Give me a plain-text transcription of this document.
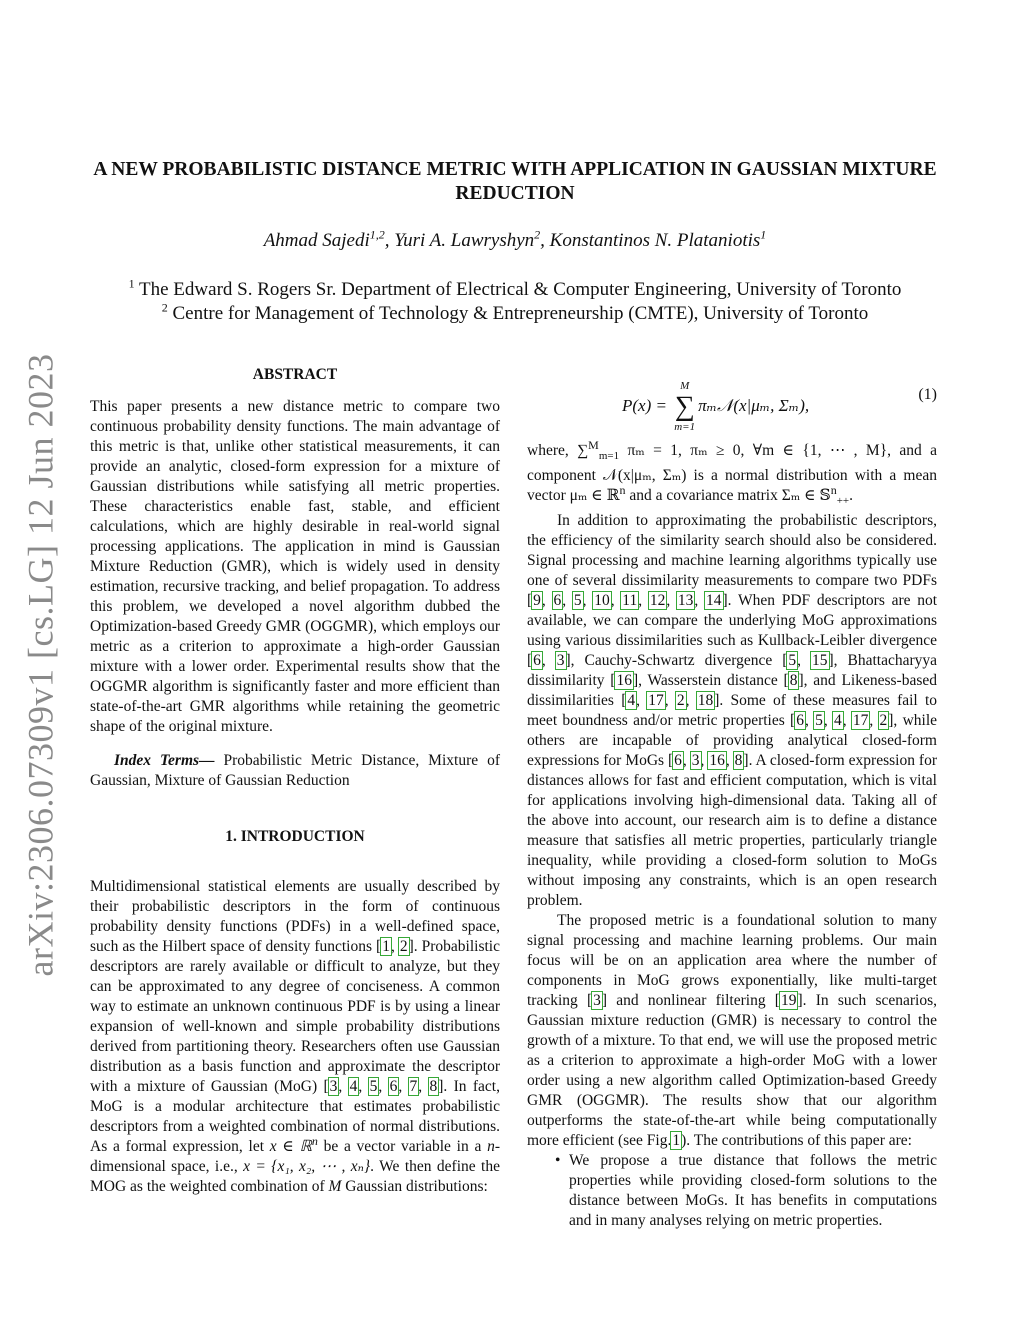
arXiv:2306.07309v1 [cs.LG] 12 Jun 2023
A NEW PROBABILISTIC DISTANCE METRIC WITH APPLICATION IN GAUSSIAN MIXTURE REDUCTION
Ahmad Sajedi$^{1,2}$, Yuri A. Lawryshyn$^2$, Konstantinos N. Plataniotis$^1$
$^1$ The Edward S. Rogers Sr. Department of Electrical & Computer Engineering, University of Toronto
$^2$ Centre for Management of Technology & Entrepreneurship (CMTE), University of Toronto
ABSTRACT

This paper presents a new distance metric to compare two continuous probability density functions. The main advantage of this metric is that, unlike other statistical measurements, it can provide an analytic, closed-form expression for a mixture of Gaussian distributions while satisfying all metric properties. These characteristics enable fast, stable, and efficient calculations, which are highly desirable in real-world signal processing applications. The application in mind is Gaussian Mixture Reduction (GMR), which is widely used in density estimation, recursive tracking, and belief propagation. To address this problem, we developed a novel algorithm dubbed the Optimization-based Greedy GMR (OGGMR), which employs our metric as a criterion to approximate a high-order Gaussian mixture with a lower order. Experimental results show that the OGGMR algorithm is significantly faster and more efficient than state-of-the-art GMR algorithms while retaining the geometric shape of the original mixture.

Index Terms— Probabilistic Metric Distance, Mixture of Gaussian, Mixture of Gaussian Reduction

1. INTRODUCTION

Multidimensional statistical elements are usually described by their probabilistic descriptors in the form of continuous probability density functions (PDFs) in a well-defined space, such as the Hilbert space of density functions [1, 2]. Probabilistic descriptors are rarely available or difficult to analyze, but they can be approximated to any degree of conciseness. A common way to estimate an unknown continuous PDF is by using a linear expansion of well-known and simple probability distributions derived from partitioning theory. Researchers often use Gaussian distribution as a basis function and approximate the descriptor with a mixture of Gaussian (MoG) [3, 4, 5, 6, 7, 8]. In fact, MoG is a modular architecture that estimates probabilistic descriptors from a weighted combination of normal distributions. As a formal expression, let x ∈ ℝ$^n$ be a vector variable in a n-dimensional space, i.e., x = {x₁, x₂, ⋯ , xₙ}. We then define the MOG as the weighted combination of M Gaussian distributions:

P(x) =
M
∑
m=1
πₘ𝒩(x|μₘ, Σₘ),
(1)

where, ∑$^M_{m=1}$ πₘ = 1, πₘ ≥ 0, ∀m ∈ {1, ⋯ , M}, and a component 𝒩(x|μₘ, Σₘ) is a normal distribution with a mean vector μₘ ∈ ℝ$^n$ and a covariance matrix Σₘ ∈ 𝕊$^n_{++}$.

In addition to approximating the probabilistic descriptors, the efficiency of the similarity search should also be considered. Signal processing and machine learning algorithms typically use one of several dissimilarity measurements to compare two PDFs [9, 6, 5, 10, 11, 12, 13, 14]. When PDF descriptors are not available, we can compare the underlying MoG approximations using various dissimilarities such as Kullback-Leibler divergence [6, 3], Cauchy-Schwartz divergence [5, 15], Bhattacharyya dissimilarity [16], Wasserstein distance [8], and Likeness-based dissimilarities [4, 17, 2, 18]. Some of these measures fail to meet boundness and/or metric properties [6, 5, 4, 17, 2], while others are incapable of providing analytical closed-form expressions for MoGs [6, 3, 16, 8]. A closed-form expression for distances allows for fast and efficient computation, which is vital for applications involving high-dimensional data. Taking all of the above into account, our research aim is to define a distance measure that satisfies all metric properties, particularly triangle inequality, while providing a closed-form solution to MoGs without imposing any constraints, which is an open research problem.

The proposed metric is a foundational solution to many signal processing and machine learning problems. Our main focus will be on an application area where the number of components in MoG grows exponentially, like multi-target tracking [3] and nonlinear filtering [19]. In such scenarios, Gaussian mixture reduction (GMR) is necessary to control the growth of a mixture. To that end, we will use the proposed metric as a criterion to approximate a high-order MoG with a lower order using a new algorithm called Optimization-based Greedy GMR (OGGMR). The results show that our algorithm outperforms the state-of-the-art while being computationally more efficient (see Fig.1). The contributions of this paper are:

• We propose a true distance that follows the metric properties while providing closed-form solutions to the distance between MoGs. It has benefits in computations and in many analyses relying on metric properties.
